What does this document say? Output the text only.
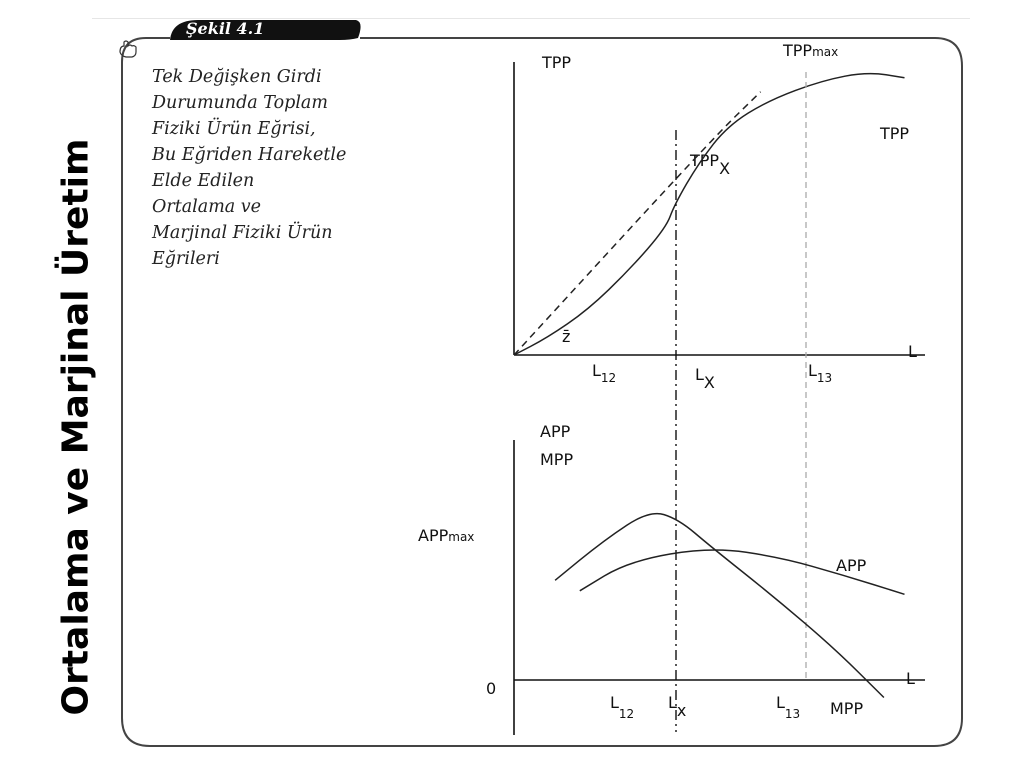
Ortalama ve Marjinal Üretim
Şekil 4.1
Tek Değişken Girdi Durumunda Toplam Fiziki Ürün Eğrisi, Bu Eğriden Hareketle Elde Edilen Ortalama ve Marjinal Fiziki Ürün Eğrileri
TPP
L
TPP
TPPmax
TPPX
z̄
$L_{12}$	LX
$L_{13}$
APP
MPP
L
0
APPmax
APP
MPP
$L_{12}$
Lx	$L_{13}$
